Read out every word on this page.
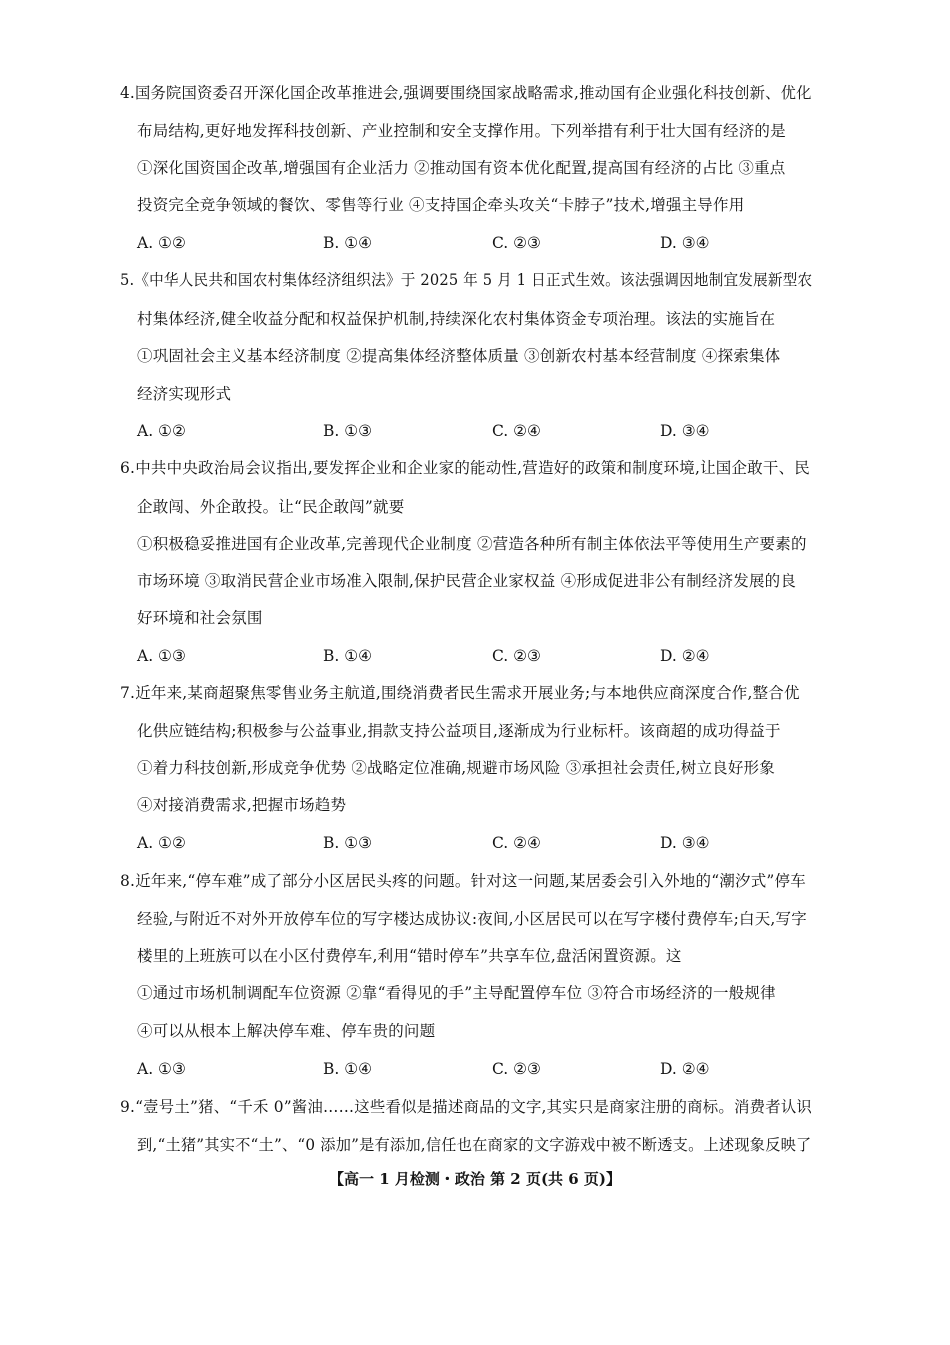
4.国务院国资委召开深化国企改革推进会,强调要围绕国家战略需求,推动国有企业强化科技创新、优化
布局结构,更好地发挥科技创新、产业控制和安全支撑作用。下列举措有利于壮大国有经济的是
①深化国资国企改革,增强国有企业活力 ②推动国有资本优化配置,提高国有经济的占比 ③重点
投资完全竞争领域的餐饮、零售等行业 ④支持国企牵头攻关“卡脖子”技术,增强主导作用
A. ①②	B. ①④	C. ②③	D. ③④
5.《中华人民共和国农村集体经济组织法》于 2025 年 5 月 1 日正式生效。该法强调因地制宜发展新型农
村集体经济,健全收益分配和权益保护机制,持续深化农村集体资金专项治理。该法的实施旨在
①巩固社会主义基本经济制度 ②提高集体经济整体质量 ③创新农村基本经营制度 ④探索集体
经济实现形式
A. ①②	B. ①③	C. ②④	D. ③④
6.中共中央政治局会议指出,要发挥企业和企业家的能动性,营造好的政策和制度环境,让国企敢干、民
企敢闯、外企敢投。让“民企敢闯”就要
①积极稳妥推进国有企业改革,完善现代企业制度 ②营造各种所有制主体依法平等使用生产要素的
市场环境 ③取消民营企业市场准入限制,保护民营企业家权益 ④形成促进非公有制经济发展的良
好环境和社会氛围
A. ①③	B. ①④	C. ②③	D. ②④
7.近年来,某商超聚焦零售业务主航道,围绕消费者民生需求开展业务;与本地供应商深度合作,整合优
化供应链结构;积极参与公益事业,捐款支持公益项目,逐渐成为行业标杆。该商超的成功得益于
①着力科技创新,形成竞争优势 ②战略定位准确,规避市场风险 ③承担社会责任,树立良好形象
④对接消费需求,把握市场趋势
A. ①②	B. ①③	C. ②④	D. ③④
8.近年来,“停车难”成了部分小区居民头疼的问题。针对这一问题,某居委会引入外地的“潮汐式”停车
经验,与附近不对外开放停车位的写字楼达成协议:夜间,小区居民可以在写字楼付费停车;白天,写字
楼里的上班族可以在小区付费停车,利用“错时停车”共享车位,盘活闲置资源。这
①通过市场机制调配车位资源 ②靠“看得见的手”主导配置停车位 ③符合市场经济的一般规律
④可以从根本上解决停车难、停车贵的问题
A. ①③	B. ①④	C. ②③	D. ②④
9.“壹号土”猪、“千禾 0”酱油……这些看似是描述商品的文字,其实只是商家注册的商标。消费者认识
到,“土猪”其实不“土”、“0 添加”是有添加,信任也在商家的文字游戏中被不断透支。上述现象反映了
【高一 1 月检测・政治 第 2 页(共 6 页)】
